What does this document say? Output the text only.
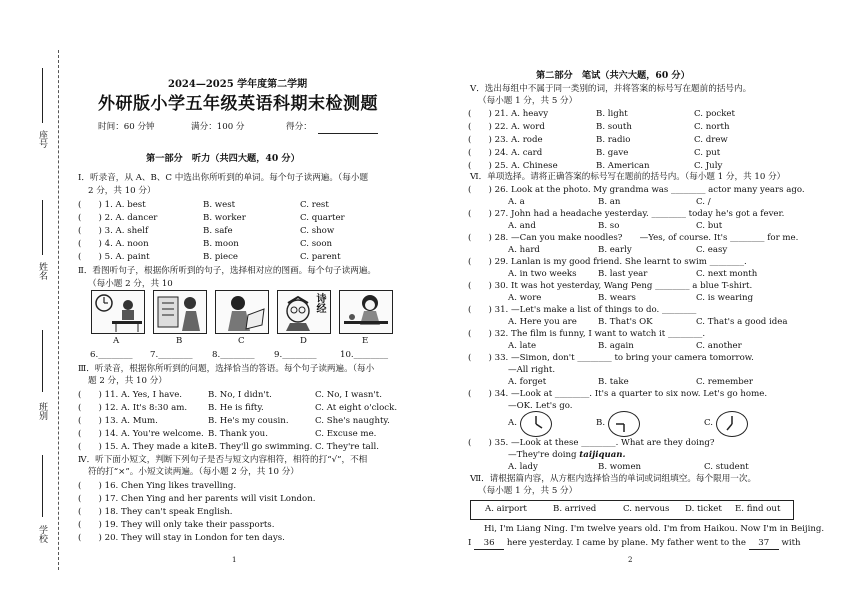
座号
姓名
班别
学校
2024—2025 学年度第二学期
外研版小学五年级英语科期末检测题
时间：60 分钟	满分：100 分	得分：
第一部分　听力（共四大题，40 分）
Ⅰ．听录音，从 A、B、C 中选出你所听到的单词。每个句子读两遍。（每小题
2 分，共 10 分）
(　　) 1. A. best	B. west	C. rest
(　　) 2. A. dancer	B. worker	C. quarter
(　　) 3. A. shelf	B. safe	C. show
(　　) 4. A. noon	B. moon	C. soon
(　　) 5. A. paint	B. piece	C. parent
Ⅱ．看图听句子，根据你所听到的句子，选择相对应的图画。每个句子读两遍。
（每小题 2 分，共 10
诗经
A	B	C	D	E
6.________ 7.________ 8.________ 9.________	10.________
Ⅲ．听录音，根据你所听到的问题，选择恰当的答语。每个句子读两遍。（每小
题 2 分，共 10 分）
(　　) 11. A. Yes, I have.	B. No, I didn't.	C. No, I wasn't.
(　　) 12. A. It's 8:30 am. B. He is fifty.	C. At eight o'clock.
(　　) 13. A. Mum.	B. He's my cousin.	C. She's naughty.
(　　) 14. A. You're welcome. B. Thank you.	C. Excuse me.
(　　) 15. A. They made a kite.
B. They'll go swimming. C. They're tall.
Ⅳ．听下面小短文，判断下列句子是否与短文内容相符，相符的打“√”，不相
符的打“×”。小短文读两遍。（每小题 2 分，共 10 分）
(　　) 16. Chen Ying likes travelling.
(　　) 17. Chen Ying and her parents will visit London.
(　　) 18. They can't speak English.
(　　) 19. They will only take their passports.
(　　) 20. They will stay in London for ten days.
1
第二部分　笔试（共六大题，60 分）
Ⅴ．选出每组中不属于同一类别的词，并将答案的标号写在题前的括号内。
（每小题 1 分，共 5 分）
(　　) 21. A. heavy	B. light	C. pocket
(　　) 22. A. word	B. south	C. north
(　　) 23. A. rode	B. radio	C. drew
(　　) 24. A. card	B. gave	C. put
(　　) 25. A. Chinese	B. American	C. July
Ⅵ．单项选择。请将正确答案的标号写在题前的括号内。（每小题 1 分，共 10 分）
(　　) 26. Look at the photo. My grandma was ________ actor many years ago.
A. a	B. an	C. /
(　　) 27. John had a headache yesterday. ________ today he's got a fever.
A. and	B. so	C. but
(　　) 28. —Can you make noodles?　　—Yes, of course. It's ________ for me.
A. hard	B. early	C. easy
(　　) 29. Lanlan is my good friend. She learnt to swim ________.
A. in two weeks B. last year	C. next month
(　　) 30. It was hot yesterday, Wang Peng ________ a blue T-shirt.
A. wore	B. wears	C. is wearing
(　　) 31. —Let's make a list of things to do. ________
A. Here you are B. That's OK	C. That's a good idea
(　　) 32. The film is funny, I want to watch it ________.
A. late	B. again	C. another
(　　) 33. —Simon, don't ________ to bring your camera tomorrow.
—All right.
A. forget	B. take	C. remember
(　　) 34. —Look at ________. It's a quarter to six now. Let's go home.
—OK. Let's go.
A.	B.	C.
(　　) 35. —Look at these ________. What are they doing?
—They're doing taijiquan.
A. lady	B. women	C. student
Ⅶ．请根据篇内容，从方框内选择恰当的单词或词组填空。每个限用一次。
（每小题 1 分，共 5 分）
A. airport	B. arrived	C. nervous D. ticket E. find out
Hi, I'm Liang Ning. I'm twelve years old. I'm from Haikou. Now I'm in Beijing.
I 36 here yesterday. I came by plane. My father went to the 37 with
2
